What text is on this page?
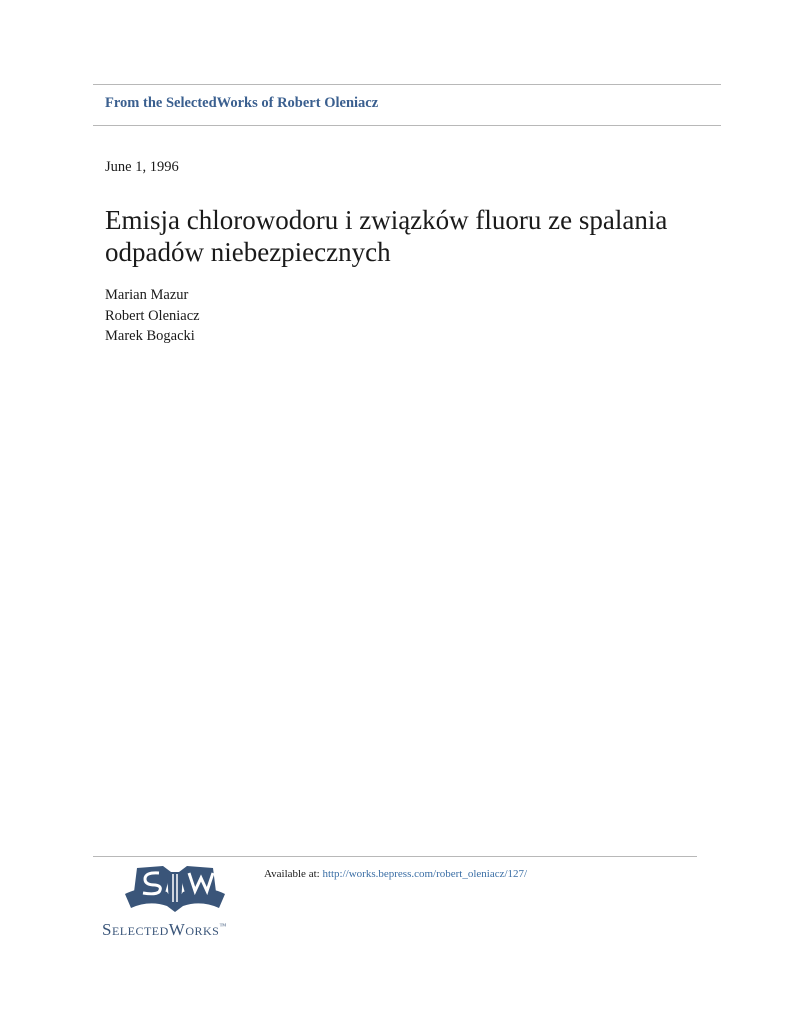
From the SelectedWorks of Robert Oleniacz
June 1, 1996
Emisja chlorowodoru i związków fluoru ze spalania odpadów niebezpiecznych
Marian Mazur
Robert Oleniacz
Marek Bogacki
SelectedWorks™
Available at: http://works.bepress.com/robert_oleniacz/127/
